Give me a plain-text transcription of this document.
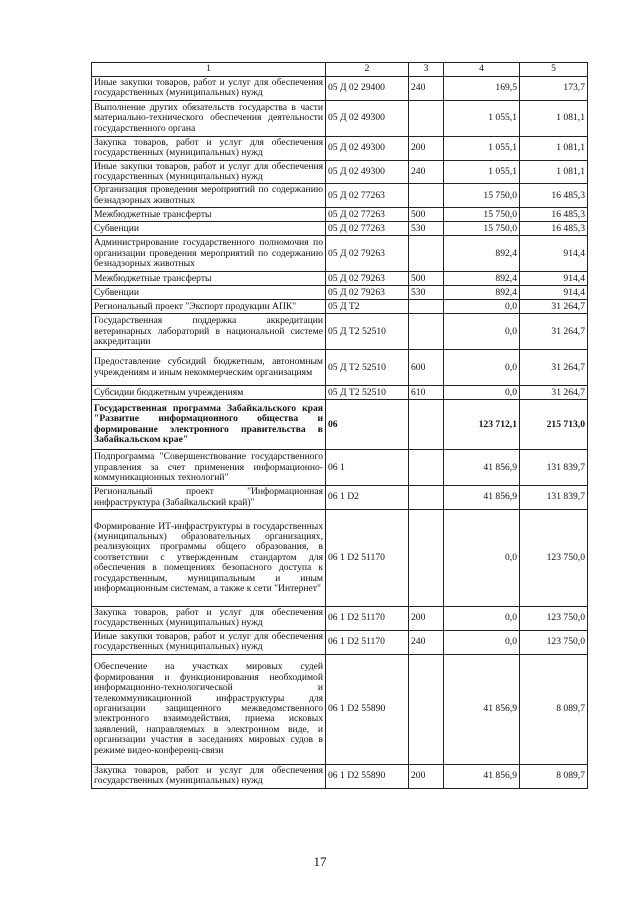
1	2	3	4	5
Иные закупки товаров, работ и услуг для обеспечения государственных (муниципальных) нужд	05 Д 02 29400	240	169,5	173,7
Выполнение других обязательств государства в части материально-технического обеспечения деятельности государственного органа	05 Д 02 49300		1 055,1	1 081,1
Закупка товаров, работ и услуг для обеспечения государственных (муниципальных) нужд	05 Д 02 49300	200	1 055,1	1 081,1
Иные закупки товаров, работ и услуг для обеспечения государственных (муниципальных) нужд	05 Д 02 49300	240	1 055,1	1 081,1
Организация проведения мероприятий по содержанию безнадзорных животных	05 Д 02 77263		15 750,0	16 485,3
Межбюджетные трансферты	05 Д 02 77263	500	15 750,0	16 485,3
Субвенции	05 Д 02 77263	530	15 750,0	16 485,3
Администрирование государственного полномочия по организации проведения мероприятий по содержанию безнадзорных животных	05 Д 02 79263		892,4	914,4
Межбюджетные трансферты	05 Д 02 79263	500	892,4	914,4
Субвенции	05 Д 02 79263	530	892,4	914,4
Региональный проект "Экспорт продукции АПК"	05 Д Т2		0,0	31 264,7
Государственная поддержка аккредитации ветеринарных лабораторий в национальной системе аккредитации	05 Д Т2 52510		0,0	31 264,7
Предоставление субсидий бюджетным, автономным учреждениям и иным некоммерческим организациям	05 Д Т2 52510	600	0,0	31 264,7
Субсидии бюджетным учреждениям	05 Д Т2 52510	610	0,0	31 264,7
Государственная программа Забайкальского края "Развитие информационного общества и формирование электронного правительства в Забайкальском крае"	06		123 712,1	215 713,0
Подпрограмма "Совершенствование государственного управления за счет применения информационно-коммуникационных технологий"	06 1		41 856,9	131 839,7
Региональный проект "Информационная инфраструктура (Забайкальский край)"	06 1 D2		41 856,9	131 839,7
Формирование ИТ-инфраструктуры в государственных (муниципальных) образовательных организациях, реализующих программы общего образования, в соответствии с утвержденным стандартом для обеспечения в помещениях безопасного доступа к государственным, муниципальным и иным информационным системам, а также к сети "Интернет"	06 1 D2 51170		0,0	123 750,0
Закупка товаров, работ и услуг для обеспечения государственных (муниципальных) нужд	06 1 D2 51170	200	0,0	123 750,0
Иные закупки товаров, работ и услуг для обеспечения государственных (муниципальных) нужд	06 1 D2 51170	240	0,0	123 750,0
Обеспечение на участках мировых судей формирования и функционирования необходимой информационно-технологической и телекоммуникационной инфраструктуры для организации защищенного межведомственного электронного взаимодействия, приема исковых заявлений, направляемых в электронном виде, и организации участия в заседаниях мировых судов в режиме видео-конференц-связи	06 1 D2 55890		41 856,9	8 089,7
Закупка товаров, работ и услуг для обеспечения государственных (муниципальных) нужд	06 1 D2 55890	200	41 856,9	8 089,7
17
